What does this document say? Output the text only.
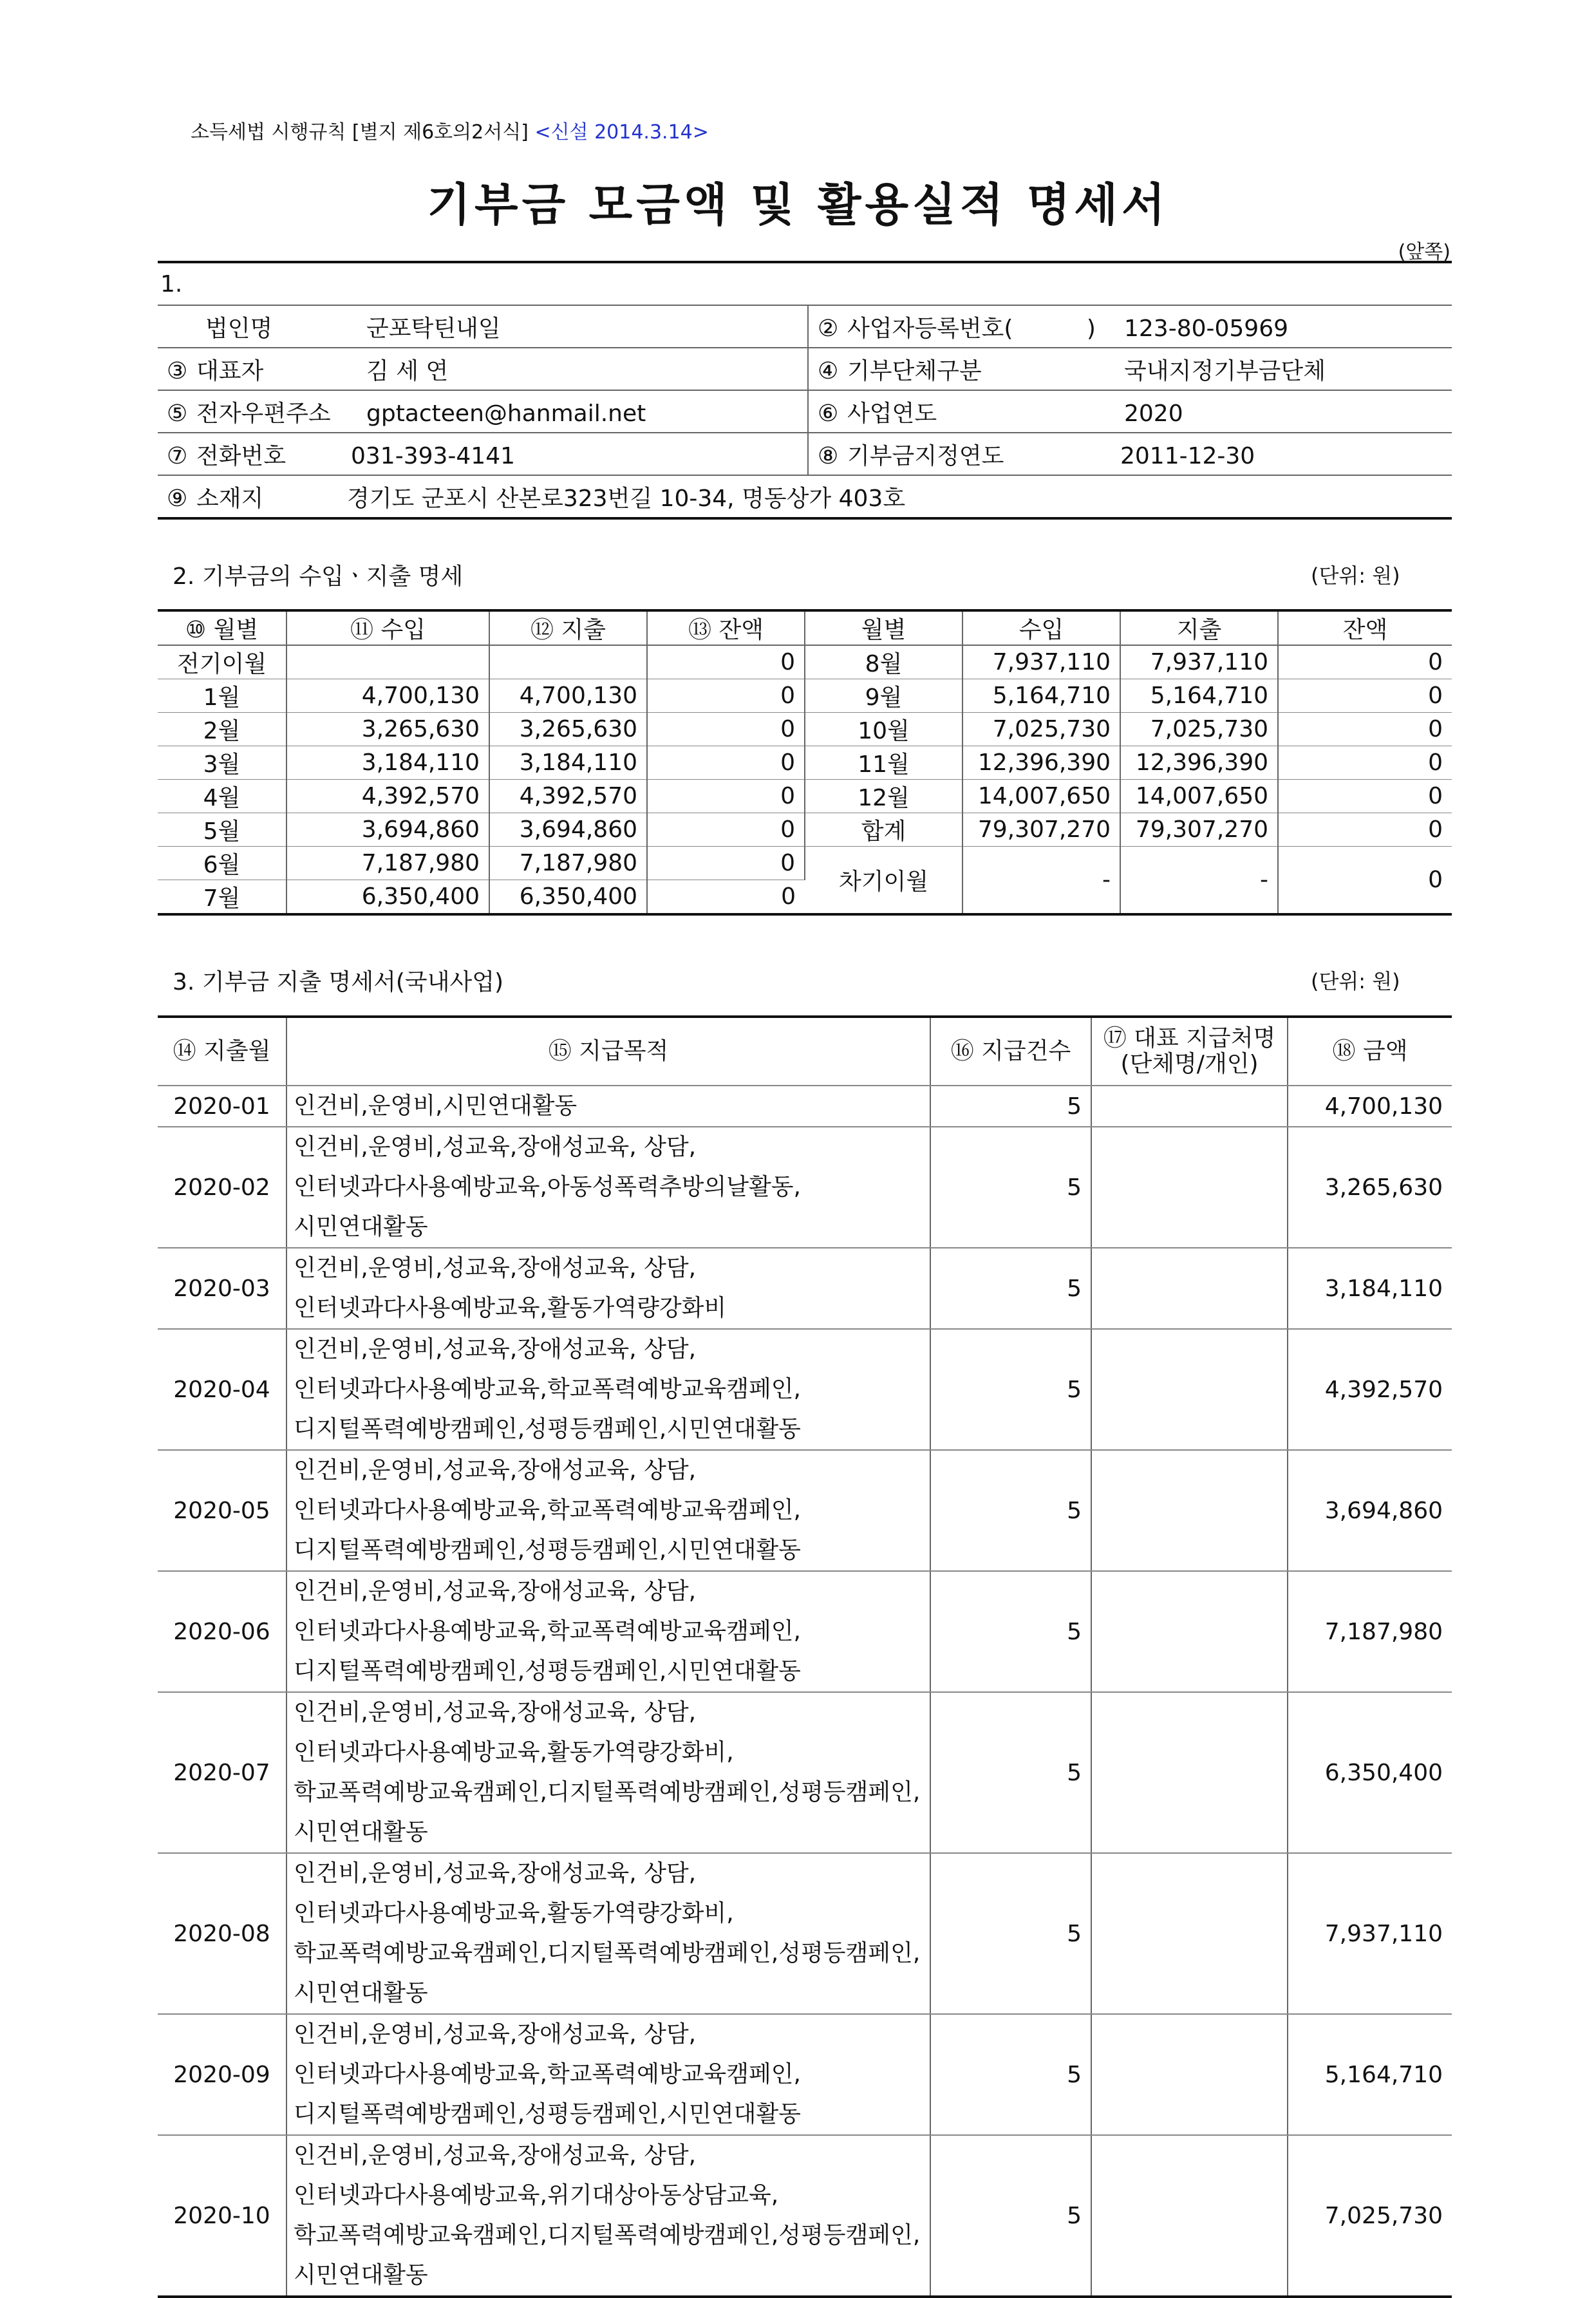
소득세법 시행규칙 [별지 제6호의2서식] <신설 2014.3.14>
기부금 모금액 및 활용실적 명세서
(앞쪽)
1.	
법인명 군포탁틴내일	② 사업자등록번호(          ) 123-80-05969
③ 대표자 김 세 연	④ 기부단체구분 국내지정기부금단체
⑤ 전자우편주소 gptacteen@hanmail.net	⑥ 사업연도 2020
⑦ 전화번호 031-393-4141	⑧ 기부금지정연도 2011-12-30
⑨ 소재지 경기도 군포시 산본로323번길 10-34, 명동상가 403호	
2. 기부금의 수입ㆍ지출 명세	(단위: 원)
⑩ 월별	⑪ 수입	⑫ 지출	⑬ 잔액	월별	수입	지출	잔액
전기이월			0	8월	7,937,110	7,937,110	0
1월	4,700,130	4,700,130	0	9월	5,164,710	5,164,710	0
2월	3,265,630	3,265,630	0	10월	7,025,730	7,025,730	0
3월	3,184,110	3,184,110	0	11월	12,396,390	12,396,390	0
4월	4,392,570	4,392,570	0	12월	14,007,650	14,007,650	0
5월	3,694,860	3,694,860	0	합계	79,307,270	79,307,270	0
6월	7,187,980	7,187,980	0	차기이월	-	-	0
7월	6,350,400	6,350,400	0				
3. 기부금 지출 명세서(국내사업)	(단위: 원)
⑭ 지출월	⑮ 지급목적	⑯ 지급건수	⑰ 대표 지급처명 (단체명/개인)	⑱ 금액
2020-01	인건비,운영비,시민연대활동	5		4,700,130
2020-02	인건비,운영비,성교육,장애성교육, 상담, 인터넷과다사용예방교육,아동성폭력추방의날활동,시민연대활동	5		3,265,630
2020-03	인건비,운영비,성교육,장애성교육, 상담, 인터넷과다사용예방교육,활동가역량강화비	5		3,184,110
2020-04	인건비,운영비,성교육,장애성교육, 상담, 인터넷과다사용예방교육,학교폭력예방교육캠페인,디지털폭력예방캠페인,성평등캠페인,시민연대활동	5		4,392,570
2020-05	인건비,운영비,성교육,장애성교육, 상담, 인터넷과다사용예방교육,학교폭력예방교육캠페인,디지털폭력예방캠페인,성평등캠페인,시민연대활동	5		3,694,860
2020-06	인건비,운영비,성교육,장애성교육, 상담, 인터넷과다사용예방교육,학교폭력예방교육캠페인,디지털폭력예방캠페인,성평등캠페인,시민연대활동	5		7,187,980
2020-07	인건비,운영비,성교육,장애성교육, 상담, 인터넷과다사용예방교육,활동가역량강화비,학교폭력예방교육캠페인,디지털폭력예방캠페인,성평등캠페인,시민연대활동	5		6,350,400
2020-08	인건비,운영비,성교육,장애성교육, 상담, 인터넷과다사용예방교육,활동가역량강화비,학교폭력예방교육캠페인,디지털폭력예방캠페인,성평등캠페인,시민연대활동	5		7,937,110
2020-09	인건비,운영비,성교육,장애성교육, 상담, 인터넷과다사용예방교육,학교폭력예방교육캠페인,디지털폭력예방캠페인,성평등캠페인,시민연대활동	5		5,164,710
2020-10	인건비,운영비,성교육,장애성교육, 상담, 인터넷과다사용예방교육,위기대상아동상담교육,학교폭력예방교육캠페인,디지털폭력예방캠페인,성평등캠페인,시민연대활동	5		7,025,730
